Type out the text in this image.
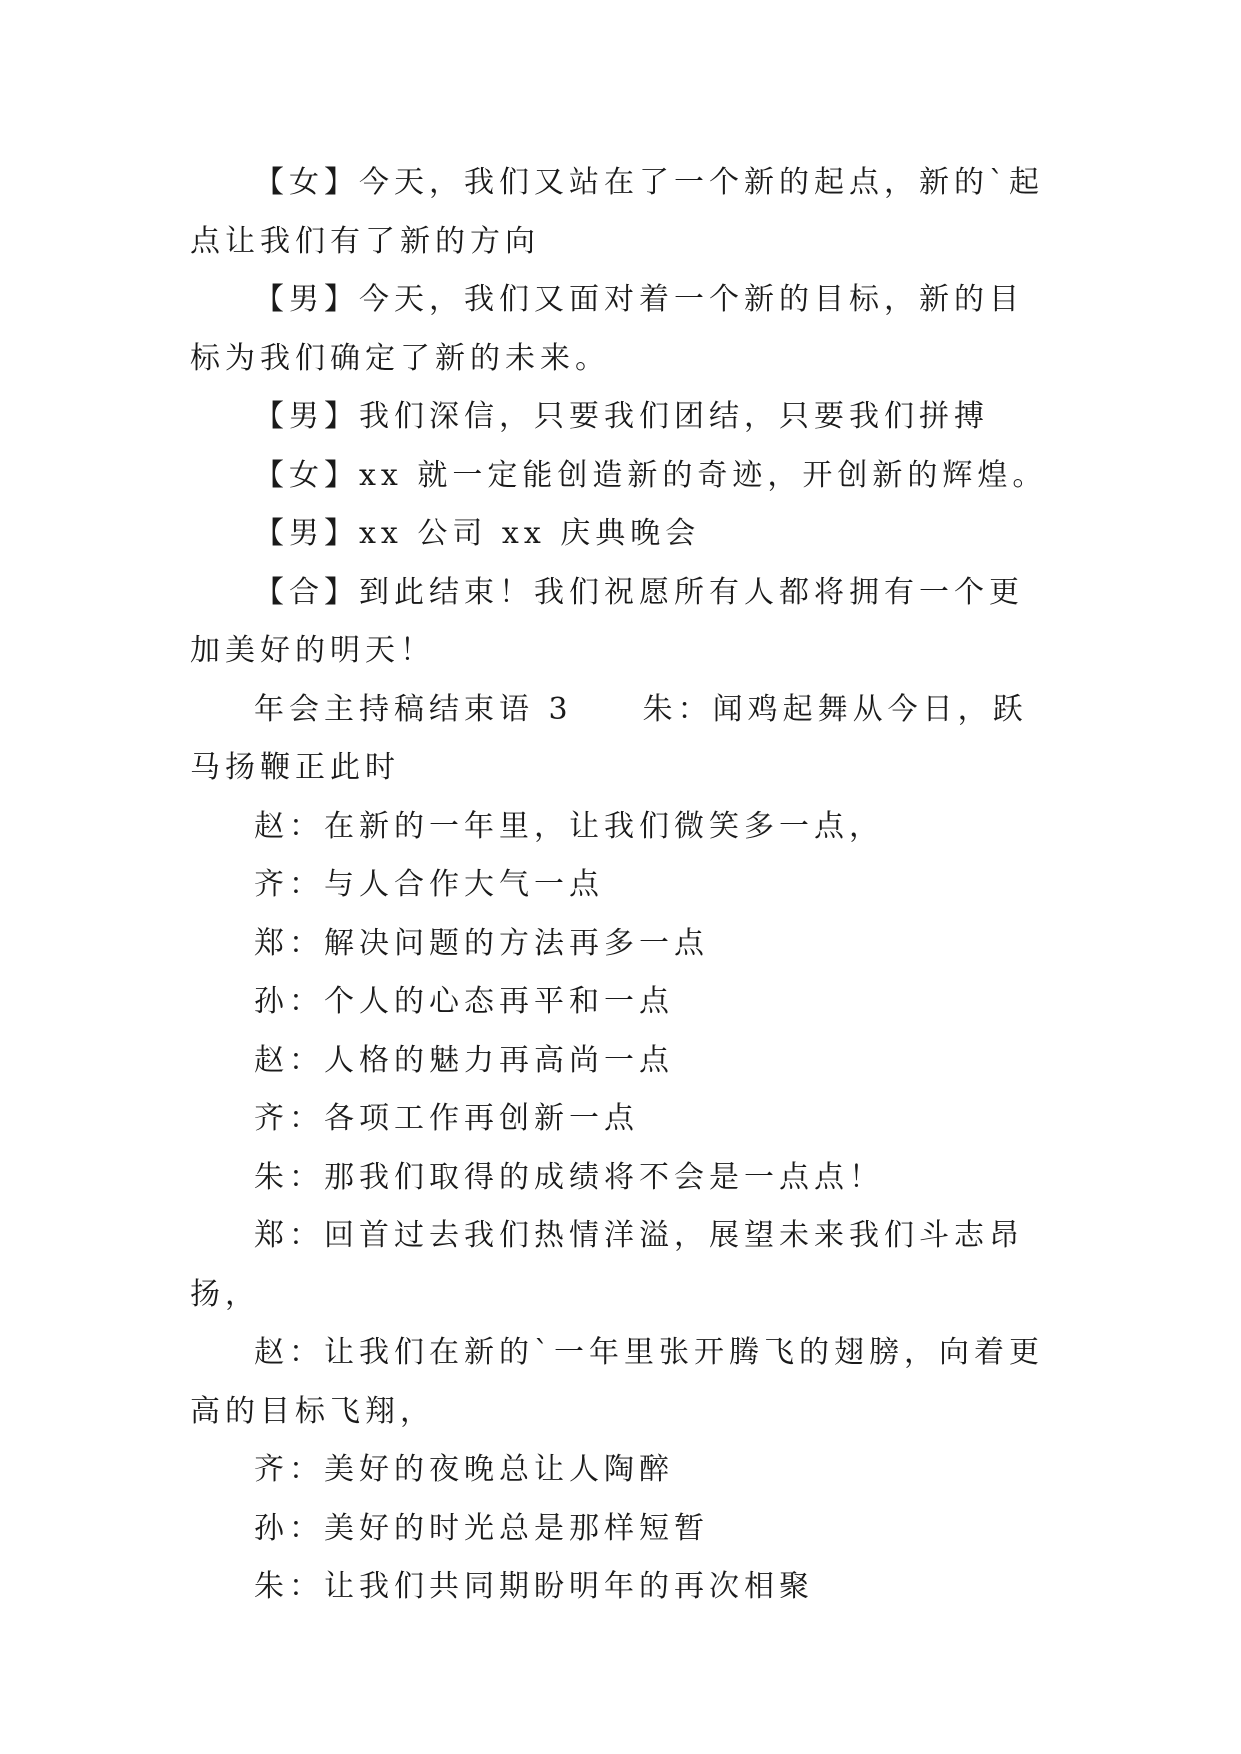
【女】今天，我们又站在了一个新的起点，新的`起点让我们有了新的方向

【男】今天，我们又面对着一个新的目标，新的目标为我们确定了新的未来。

【男】我们深信，只要我们团结，只要我们拼搏

【女】xx 就一定能创造新的奇迹，开创新的辉煌。

【男】xx 公司 xx 庆典晚会

【合】到此结束！我们祝愿所有人都将拥有一个更加美好的明天！

年会主持稿结束语 3　　朱：闻鸡起舞从今日，跃马扬鞭正此时

赵：在新的一年里，让我们微笑多一点，

齐：与人合作大气一点

郑：解决问题的方法再多一点

孙：个人的心态再平和一点

赵：人格的魅力再高尚一点

齐：各项工作再创新一点

朱：那我们取得的成绩将不会是一点点！

郑：回首过去我们热情洋溢，展望未来我们斗志昂扬，

赵：让我们在新的`一年里张开腾飞的翅膀，向着更高的目标飞翔，

齐：美好的夜晚总让人陶醉

孙：美好的时光总是那样短暂

朱：让我们共同期盼明年的再次相聚
